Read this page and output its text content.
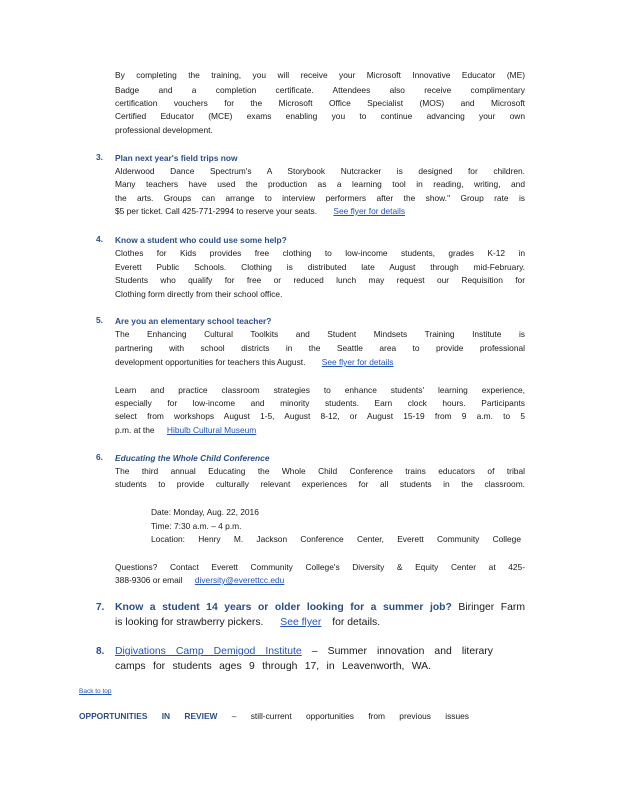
By completing the training, you will receive your Microsoft Innovative Educator (ME)
Badge and a completion certificate. Attendees also receive complimentary
certification vouchers for the Microsoft Office Specialist (MOS) and Microsoft
Certified Educator (MCE) exams enabling you to continue advancing your own
professional development.
3. Plan next year's field trips now
Alderwood Dance Spectrum's A Storybook Nutcracker is designed for children.
Many teachers have used the production as a learning tool in reading, writing, and
the arts. Groups can arrange to interview performers after the show." Group rate is
$5 per ticket. Call 425-771-2994 to reserve your seats. See flyer for details
4. Know a student who could use some help?
Clothes for Kids provides free clothing to low-income students, grades K-12 in
Everett Public Schools. Clothing is distributed late August through mid-February.
Students who qualify for free or reduced lunch may request our Requisition for
Clothing form directly from their school office.
5. Are you an elementary school teacher?
The Enhancing Cultural Toolkits and Student Mindsets Training Institute is
partnering with school districts in the Seattle area to provide professional
development opportunities for teachers this August. See flyer for details
Learn and practice classroom strategies to enhance students' learning experience,
especially for low-income and minority students. Earn clock hours. Participants
select from workshops August 1-5, August 8-12, or August 15-19 from 9 a.m. to 5
p.m. at the Hibulb Cultural Museum
6. Educating the Whole Child Conference
The third annual Educating the Whole Child Conference trains educators of tribal
students to provide culturally relevant experiences for all students in the classroom.
Date: Monday, Aug. 22, 2016
Time: 7:30 a.m. – 4 p.m.
Location: Henry M. Jackson Conference Center, Everett Community College
Questions? Contact Everett Community College's Diversity & Equity Center at 425-
388-9306 or email diversity@everettcc.edu
7. Know a student 14 years or older looking for a summer job? Biringer Farm
is looking for strawberry pickers. See flyer for details.
8. Digivations Camp Demigod Institute – Summer innovation and literary
camps for students ages 9 through 17, in Leavenworth, WA.
Back to top
OPPORTUNITIES IN REVIEW – still-current opportunities from previous issues
